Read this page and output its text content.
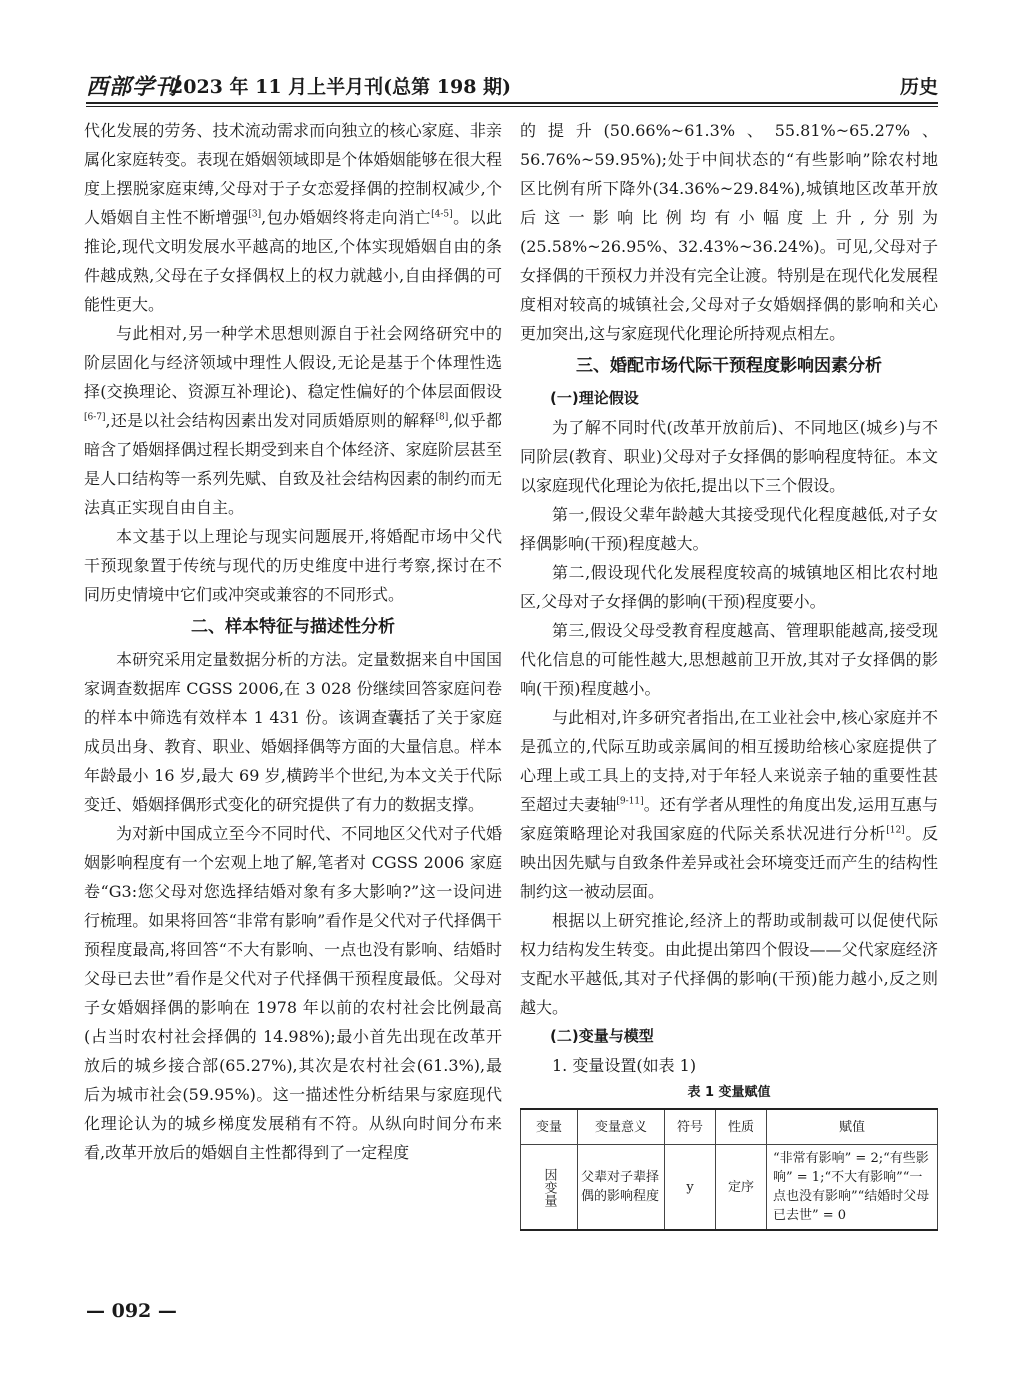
西部学刊
2023 年 11 月上半月刊(总第 198 期)	历史

代化发展的劳务、技术流动需求而向独立的核心家庭、非亲属化家庭转变。表现在婚姻领域即是个体婚姻能够在很大程度上摆脱家庭束缚,父母对于子女恋爱择偶的控制权减少,个人婚姻自主性不断增强[3],包办婚姻终将走向消亡[4-5]。以此推论,现代文明发展水平越高的地区,个体实现婚姻自由的条件越成熟,父母在子女择偶权上的权力就越小,自由择偶的可能性更大。

与此相对,另一种学术思想则源自于社会网络研究中的阶层固化与经济领域中理性人假设,无论是基于个体理性选择(交换理论、资源互补理论)、稳定性偏好的个体层面假设[6-7],还是以社会结构因素出发对同质婚原则的解释[8],似乎都暗含了婚姻择偶过程长期受到来自个体经济、家庭阶层甚至是人口结构等一系列先赋、自致及社会结构因素的制约而无法真正实现自由自主。

本文基于以上理论与现实问题展开,将婚配市场中父代干预现象置于传统与现代的历史维度中进行考察,探讨在不同历史情境中它们或冲突或兼容的不同形式。

二、样本特征与描述性分析

本研究采用定量数据分析的方法。定量数据来自中国国家调查数据库 CGSS 2006,在 3 028 份继续回答家庭问卷的样本中筛选有效样本 1 431 份。该调查囊括了关于家庭成员出身、教育、职业、婚姻择偶等方面的大量信息。样本年龄最小 16 岁,最大 69 岁,横跨半个世纪,为本文关于代际变迁、婚姻择偶形式变化的研究提供了有力的数据支撑。

为对新中国成立至今不同时代、不同地区父代对子代婚姻影响程度有一个宏观上地了解,笔者对 CGSS 2006 家庭卷“G3:您父母对您选择结婚对象有多大影响?”这一设问进行梳理。如果将回答“非常有影响”看作是父代对子代择偶干预程度最高,将回答“不大有影响、一点也没有影响、结婚时父母已去世”看作是父代对子代择偶干预程度最低。父母对子女婚姻择偶的影响在 1978 年以前的农村社会比例最高(占当时农村社会择偶的 14.98%);最小首先出现在改革开放后的城乡接合部(65.27%),其次是农村社会(61.3%),最后为城市社会(59.95%)。这一描述性分析结果与家庭现代化理论认为的城乡梯度发展稍有不符。从纵向时间分布来看,改革开放后的婚姻自主性都得到了一定程度

的提升(50.66%~61.3%、55.81%~65.27%、56.76%~59.95%);处于中间状态的“有些影响”除农村地区比例有所下降外(34.36%~29.84%),城镇地区改革开放后这一影响比例均有小幅度上升,分别为(25.58%~26.95%、32.43%~36.24%)。可见,父母对子女择偶的干预权力并没有完全让渡。特别是在现代化发展程度相对较高的城镇社会,父母对子女婚姻择偶的影响和关心更加突出,这与家庭现代化理论所持观点相左。

三、婚配市场代际干预程度影响因素分析
(一)理论假设

为了解不同时代(改革开放前后)、不同地区(城乡)与不同阶层(教育、职业)父母对子女择偶的影响程度特征。本文以家庭现代化理论为依托,提出以下三个假设。

第一,假设父辈年龄越大其接受现代化程度越低,对子女择偶影响(干预)程度越大。

第二,假设现代化发展程度较高的城镇地区相比农村地区,父母对子女择偶的影响(干预)程度要小。

第三,假设父母受教育程度越高、管理职能越高,接受现代化信息的可能性越大,思想越前卫开放,其对子女择偶的影响(干预)程度越小。

与此相对,许多研究者指出,在工业社会中,核心家庭并不是孤立的,代际互助或亲属间的相互援助给核心家庭提供了心理上或工具上的支持,对于年轻人来说亲子轴的重要性甚至超过夫妻轴[9-11]。还有学者从理性的角度出发,运用互惠与家庭策略理论对我国家庭的代际关系状况进行分析[12]。反映出因先赋与自致条件差异或社会环境变迁而产生的结构性制约这一被动层面。

根据以上研究推论,经济上的帮助或制裁可以促使代际权力结构发生转变。由此提出第四个假设——父代家庭经济支配水平越低,其对子代择偶的影响(干预)能力越小,反之则越大。

(二)变量与模型

1. 变量设置(如表 1)

表 1 变量赋值
变量	变量意义	符号	性质	赋值
因变量	父辈对子辈择偶的影响程度	y	定序	“非常有影响” = 2;“有些影响” = 1;“不大有影响”“一点也没有影响”“结婚时父母已去世” = 0
— 092 —
